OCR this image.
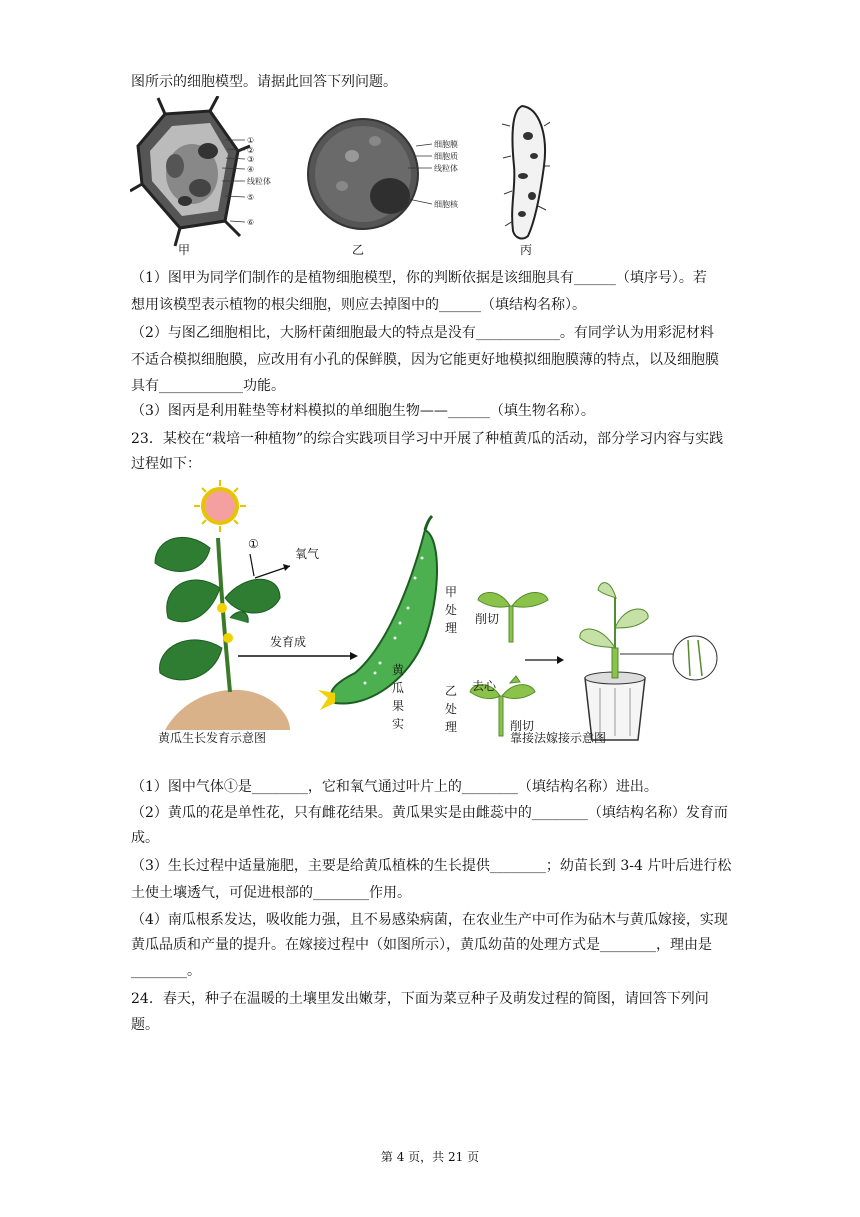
图所示的细胞模型。请据此回答下列问题。
①
②
③
④
线粒体
⑤
⑥
甲
细胞膜
细胞质
线粒体
细胞核
乙	丙
（1）图甲为同学们制作的是植物细胞模型，你的判断依据是该细胞具有______（填序号）。若
想用该模型表示植物的根尖细胞，则应去掉图中的______（填结构名称）。
（2）与图乙细胞相比，大肠杆菌细胞最大的特点是没有____________。有同学认为用彩泥材料
不适合模拟细胞膜，应改用有小孔的保鲜膜，因为它能更好地模拟细胞膜薄的特点，以及细胞膜
具有____________功能。
（3）图丙是利用鞋垫等材料模拟的单细胞生物——______（填生物名称）。
23．某校在“栽培一种植物”的综合实践项目学习中开展了种植黄瓜的活动，部分学习内容与实践
过程如下：
①
氧气
发育成
黄
瓜
果
实
甲
处
理
削切
乙
处
理
去心
削切
黄瓜生长发育示意图	靠接法嫁接示意图
（1）图中气体①是________，它和氧气通过叶片上的________（填结构名称）进出。
（2）黄瓜的花是单性花，只有雌花结果。黄瓜果实是由雌蕊中的________（填结构名称）发育而
成。
（3）生长过程中适量施肥，主要是给黄瓜植株的生长提供________；幼苗长到 3-4 片叶后进行松
土使土壤透气，可促进根部的________作用。
（4）南瓜根系发达，吸收能力强，且不易感染病菌，在农业生产中可作为砧木与黄瓜嫁接，实现
黄瓜品质和产量的提升。在嫁接过程中（如图所示），黄瓜幼苗的处理方式是________，理由是
________。
24．春天，种子在温暖的土壤里发出嫩芽，下面为菜豆种子及萌发过程的简图，请回答下列问
题。
第 4 页，共 21 页
